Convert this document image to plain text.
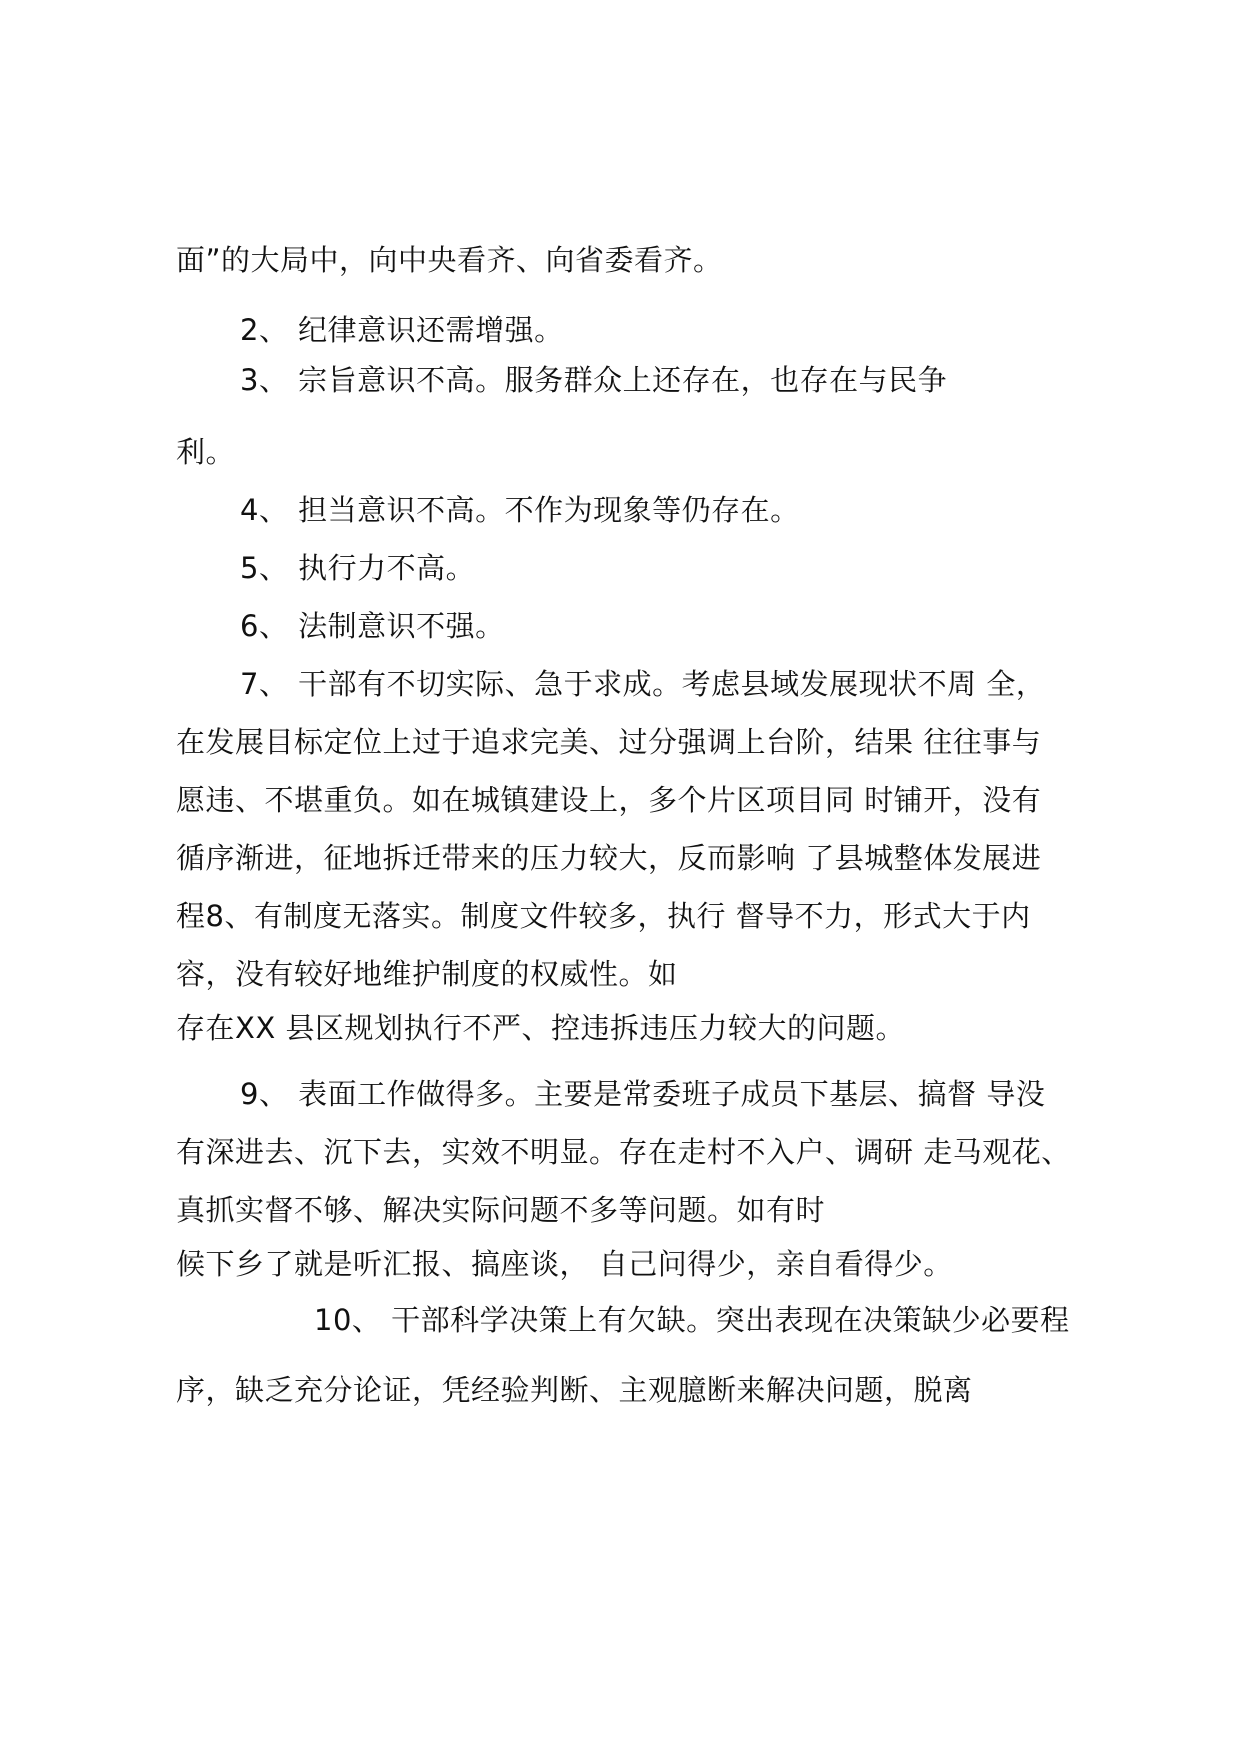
面”的大局中，向中央看齐、向省委看齐。
2、 纪律意识还需增强。
3、 宗旨意识不高。服务群众上还存在，也存在与民争
利。
4、 担当意识不高。不作为现象等仍存在。
5、 执行力不高。
6、 法制意识不强。
7、 干部有不切实际、急于求成。考虑县域发展现状不周 全，
在发展目标定位上过于追求完美、过分强调上台阶，结果 往往事与
愿违、不堪重负。如在城镇建设上，多个片区项目同 时铺开，没有
循序渐进，征地拆迁带来的压力较大，反而影响 了县城整体发展进
程8、有制度无落实。制度文件较多，执行 督导不力，形式大于内
容，没有较好地维护制度的权威性。如
存在XX 县区规划执行不严、控违拆违压力较大的问题。
9、 表面工作做得多。主要是常委班子成员下基层、搞督 导没
有深进去、沉下去，实效不明显。存在走村不入户、调研 走马观花、
真抓实督不够、解决实际问题不多等问题。如有时
候下乡了就是听汇报、搞座谈， 自己问得少，亲自看得少。
10、 干部科学决策上有欠缺。突出表现在决策缺少必要程
序，缺乏充分论证，凭经验判断、主观臆断来解决问题，脱离
